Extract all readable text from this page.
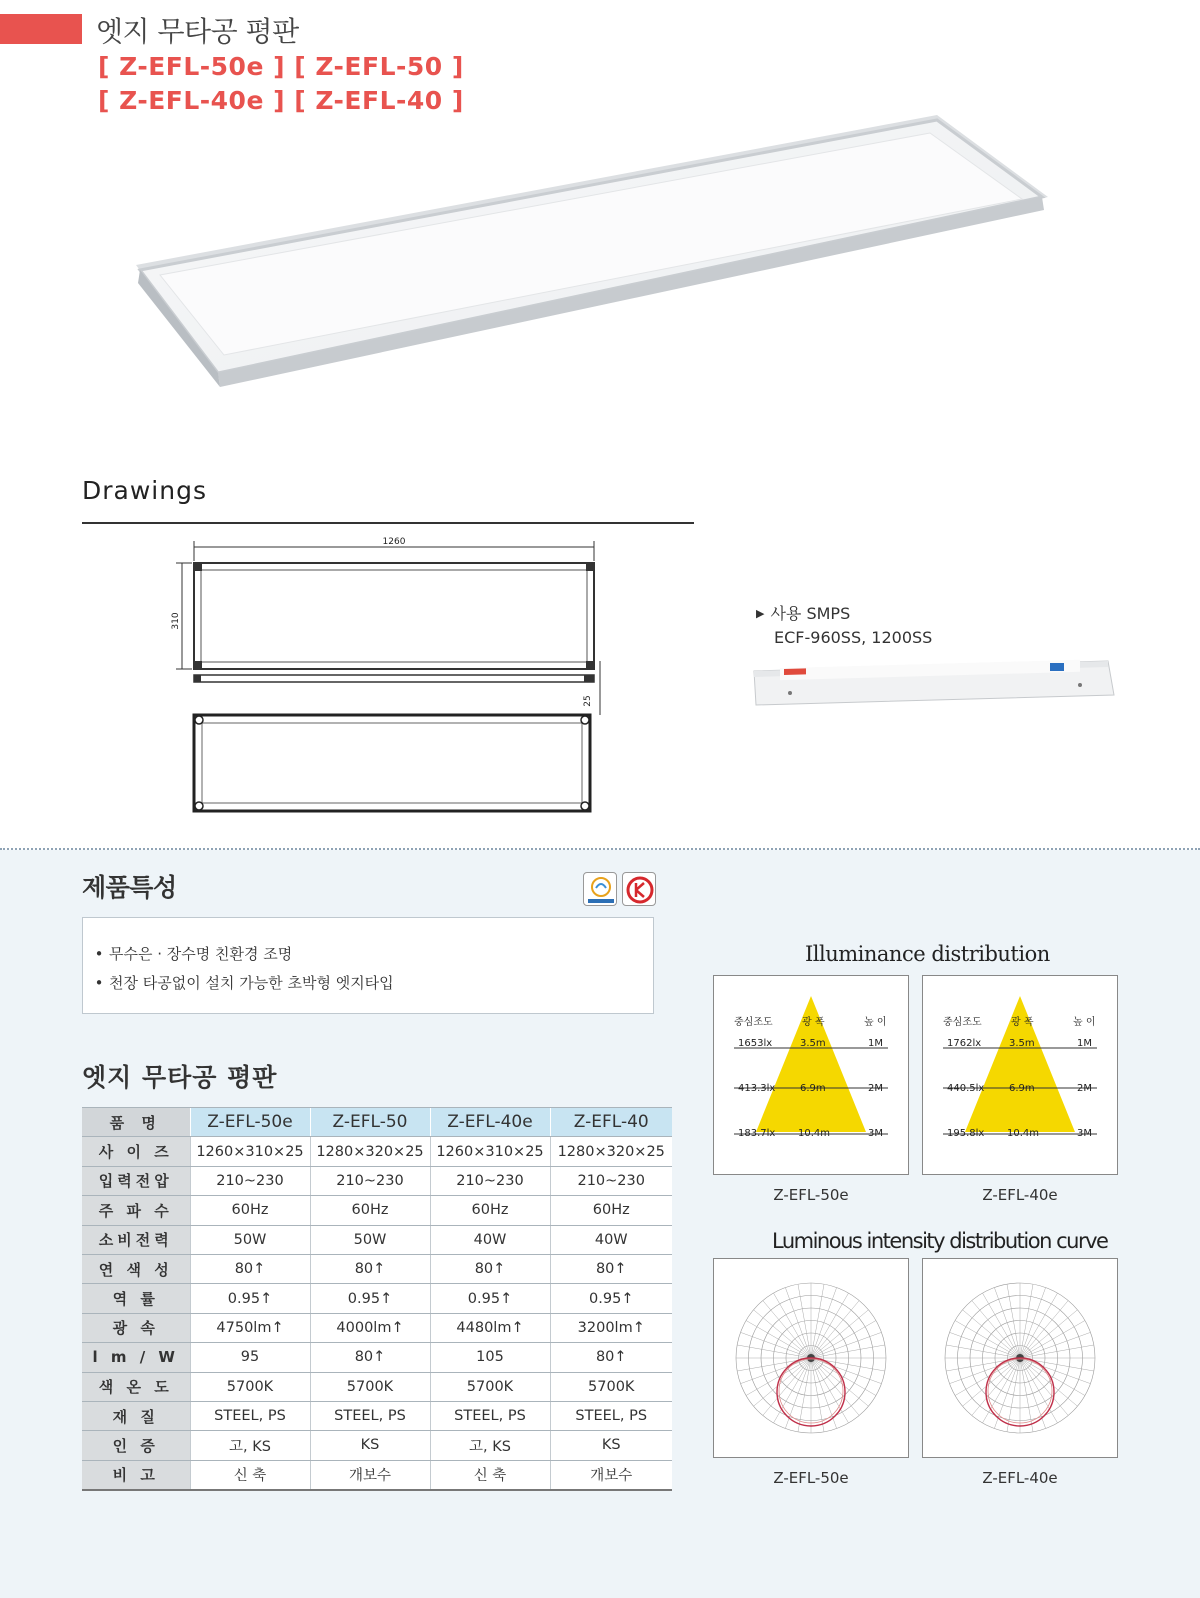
엣지 무타공 평판
[ Z-EFL-50e ] [ Z-EFL-50 ]
[ Z-EFL-40e ] [ Z-EFL-40 ]
Drawings
1260
310
25
▶ 사용 SMPS
ECF-960SS, 1200SS
제품특성
• 무수은 · 장수명 친환경 조명
• 천장 타공없이 설치 가능한 초박형 엣지타입
엣지 무타공 평판
품 명	Z-EFL-50e	Z-EFL-50	Z-EFL-40e	Z-EFL-40
사 이 즈	1260×310×25	1280×320×25	1260×310×25	1280×320×25
입력전압	210~230	210~230	210~230	210~230
주 파 수	60Hz	60Hz	60Hz	60Hz
소비전력	50W	50W	40W	40W
연 색 성	80↑	80↑	80↑	80↑
역 률	0.95↑	0.95↑	0.95↑	0.95↑
광 속	4750lm↑	4000lm↑	4480lm↑	3200lm↑
l m / W	95	80↑	105	80↑
색 온 도	5700K	5700K	5700K	5700K
재 질	STEEL, PS	STEEL, PS	STEEL, PS	STEEL, PS
인 증	고, KS	KS	고, KS	KS
비 고	신 축	개보수	신 축	개보수
Illuminance distribution
중심조도	광 폭	높 이
1653lx	3.5m	1M
413.3lx 6.9m	2M
183.7lx 10.4m	3M
Z-EFL-50e
중심조도	광 폭	높 이
1762lx	3.5m	1M
440.5lx 6.9m	2M
195.8lx 10.4m	3M
Z-EFL-40e
Luminous intensity distribution curve
Z-EFL-50e	Z-EFL-40e
